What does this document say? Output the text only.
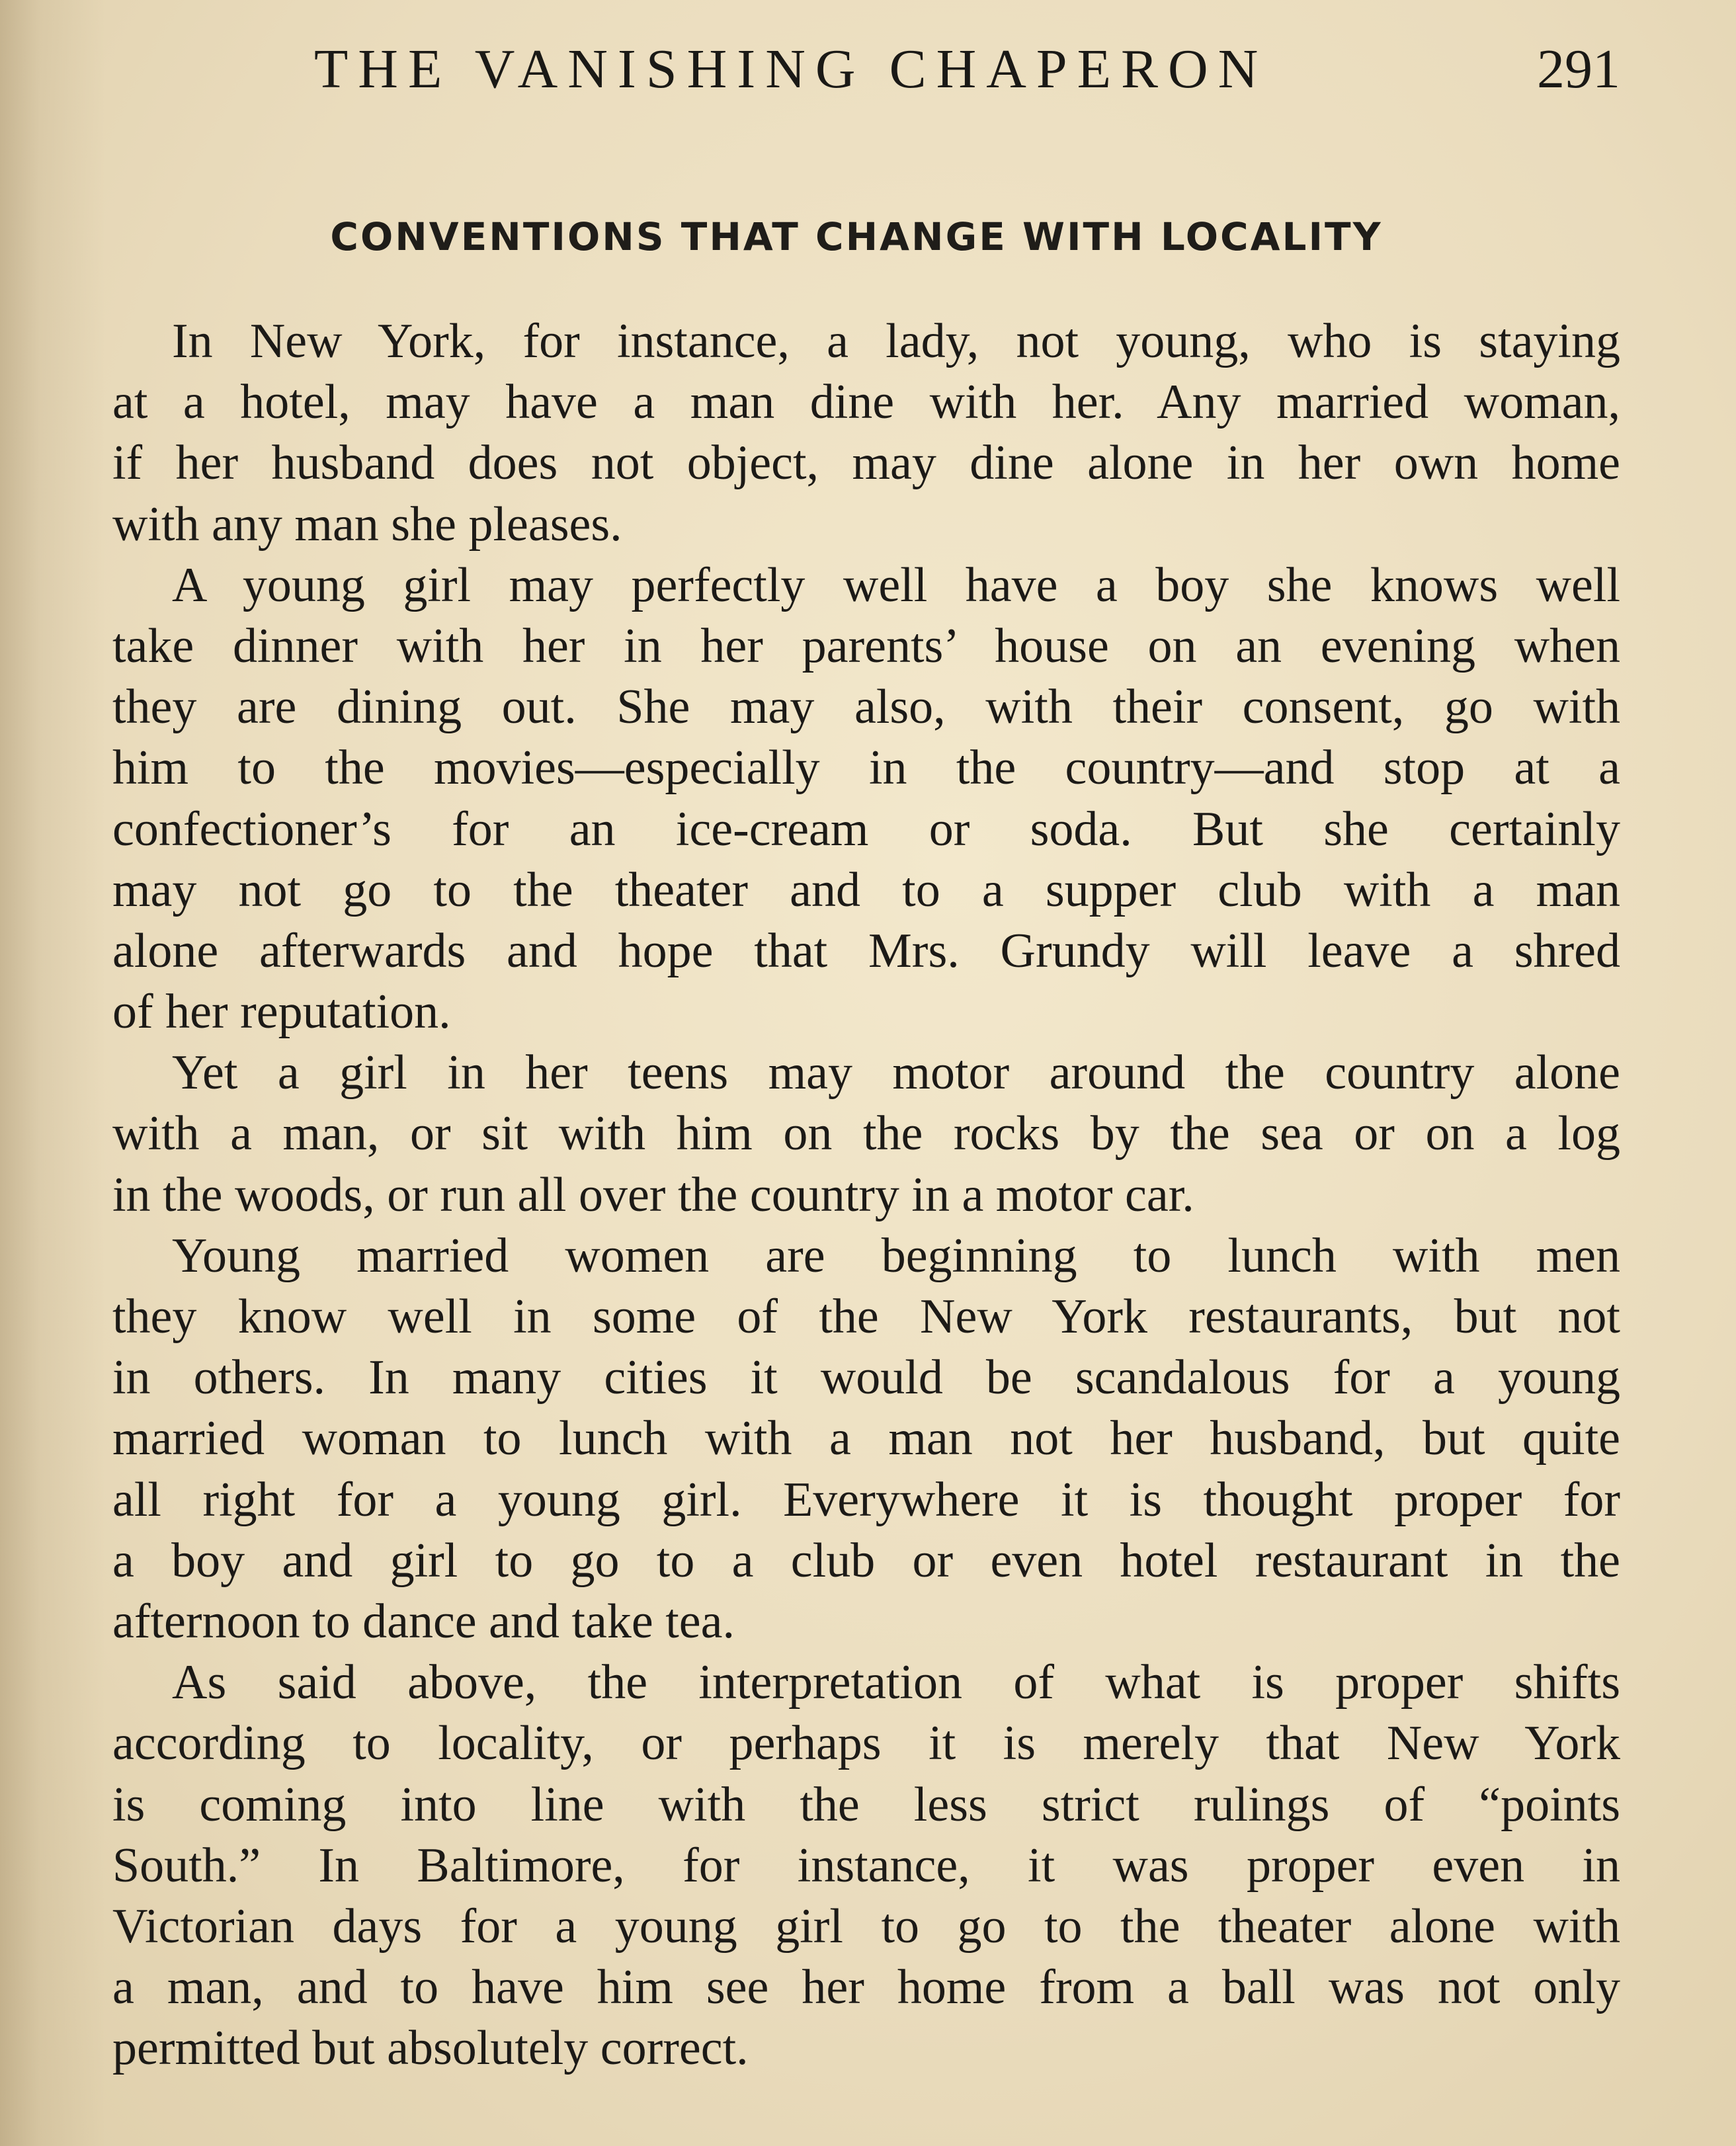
THE VANISHING CHAPERON	291
CONVENTIONS THAT CHANGE WITH LOCALITY
In New York, for instance, a lady, not young, who is staying
at a hotel, may have a man dine with her. Any married woman,
if her husband does not object, may dine alone in her own home
with any man she pleases.
A young girl may perfectly well have a boy she knows well
take dinner with her in her parents’ house on an evening when
they are dining out. She may also, with their consent, go with
him to the movies—especially in the country—and stop at a
confectioner’s for an ice-cream or soda. But she certainly
may not go to the theater and to a supper club with a man
alone afterwards and hope that Mrs. Grundy will leave a shred
of her reputation.
Yet a girl in her teens may motor around the country alone
with a man, or sit with him on the rocks by the sea or on a log
in the woods, or run all over the country in a motor car.
Young married women are beginning to lunch with men
they know well in some of the New York restaurants, but not
in others. In many cities it would be scandalous for a young
married woman to lunch with a man not her husband, but quite
all right for a young girl. Everywhere it is thought proper for
a boy and girl to go to a club or even hotel restaurant in the
afternoon to dance and take tea.
As said above, the interpretation of what is proper shifts
according to locality, or perhaps it is merely that New York
is coming into line with the less strict rulings of “points
South.” In Baltimore, for instance, it was proper even in
Victorian days for a young girl to go to the theater alone with
a man, and to have him see her home from a ball was not only
permitted but absolutely correct.
